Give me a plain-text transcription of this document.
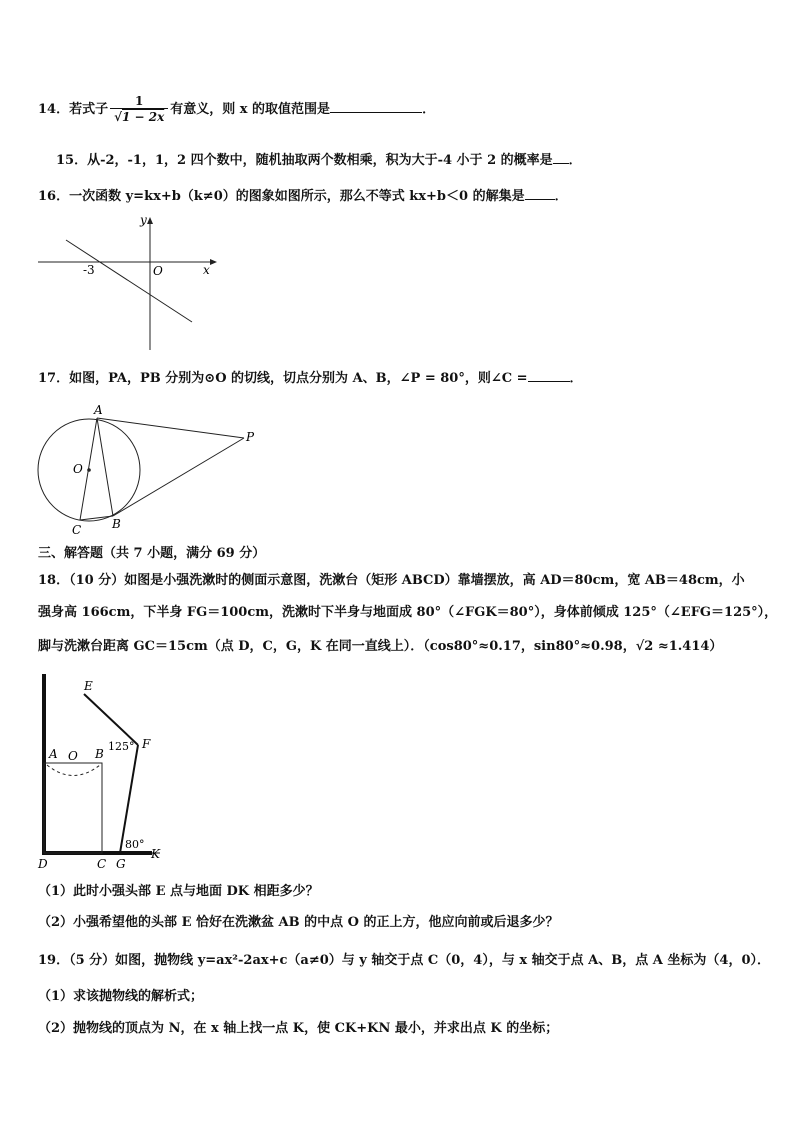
14．若式子 $\frac{1}{√1 - 2x}$ 有意义，则 x 的取值范围是	．
15．从-2，-1，1，2 四个数中，随机抽取两个数相乘，积为大于-4 小于 2 的概率是 ．
16．一次函数 y=kx+b（k≠0）的图象如图所示，那么不等式 kx+b＜0 的解集是 ．
y
x
-3	O
17．如图，PA，PB 分别为⊙O 的切线，切点分别为 A、B，∠P = 80°，则∠C =	．
A
O
P
B
C
三、解答题（共 7 小题，满分 69 分）
18．（10 分）如图是小强洗漱时的侧面示意图，洗漱台（矩形 ABCD）靠墙摆放，高 AD＝80cm，宽 AB＝48cm，小
强身高 166cm，下半身 FG＝100cm，洗漱时下半身与地面成 80°（∠FGK＝80°），身体前倾成 125°（∠EFG＝125°），
脚与洗漱台距离 GC＝15cm（点 D，C，G，K 在同一直线上）．（cos80°≈0.17，sin80°≈0.98，√2 ≈1.414）
E
F
125°
A O B
80°
D	C G
K
（1）此时小强头部 E 点与地面 DK 相距多少？
（2）小强希望他的头部 E 恰好在洗漱盆 AB 的中点 O 的正上方，他应向前或后退多少？
19．（5 分）如图，抛物线 y=ax²-2ax+c（a≠0）与 y 轴交于点 C（0，4），与 x 轴交于点 A、B，点 A 坐标为（4，0）．
（1）求该抛物线的解析式；
（2）抛物线的顶点为 N，在 x 轴上找一点 K，使 CK+KN 最小，并求出点 K 的坐标；
